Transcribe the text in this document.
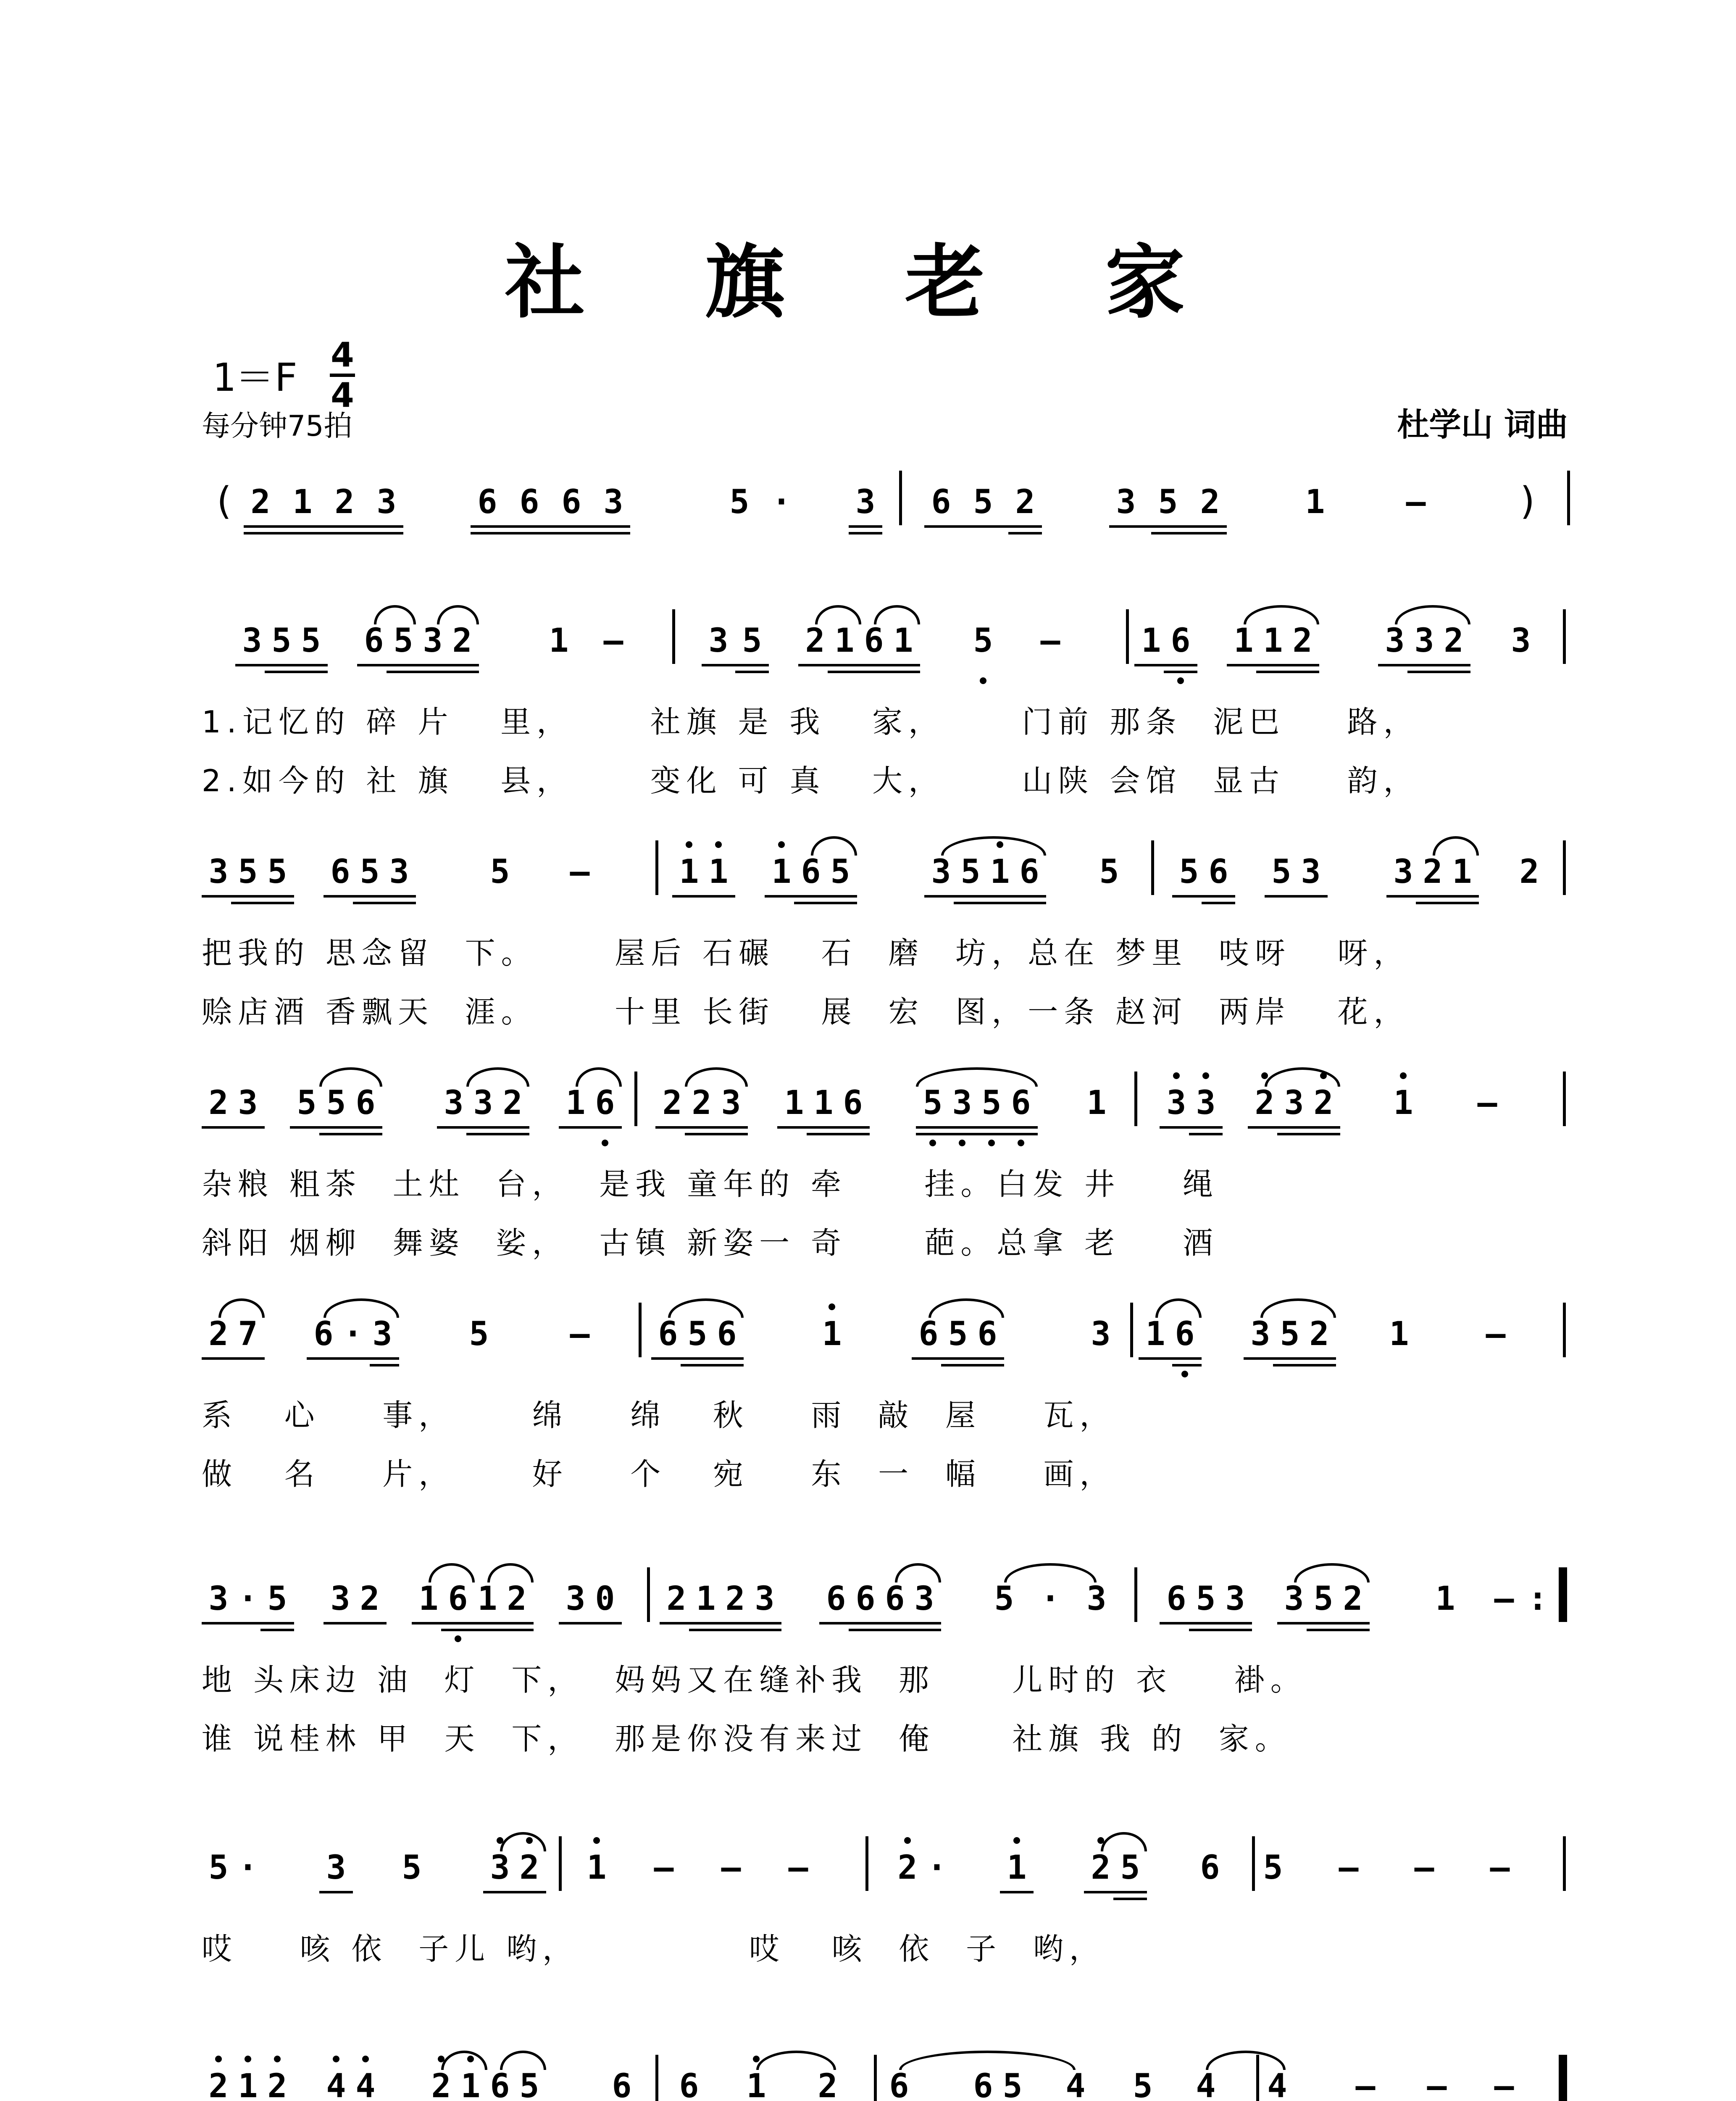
社 旗 老 家
1＝F
4
4
每分钟75拍	杜学山 词曲
2 1 2 3	6 6 6 3	5 ·	3	6 5 2	3 5 2	1	–
(	)
3 5 5	6 5 3 2	1	–	3 5	2 1 6 1	5	–	1 6	1 1 2	3 3 2	3
1.记忆的 碎 片   里，     社旗 是 我   家，     门前 那条  泥巴    路，
2.如今的 社 旗   县，     变化 可 真   大，     山陕 会馆  显古    韵，
3 5 5	6 5 3	5	–	1 1	1 6 5	3 5 1 6	5	5 6	5 3	3 2 1	2
把我的 思念留  下。     屋后 石碾   石  磨  坊，总在 梦里  吱呀   呀，
赊店酒 香飘天  涯。     十里 长街   展  宏  图，一条 赵河  两岸   花，
2 3	5 5 6	3 3 2	1 6	2 2 3	1 1 6	5 3 5 6	1	3 3	2 3 2	1	–
杂粮 粗茶  土灶  台，  是我 童年的 牵     挂。白发 井    绳
斜阳 烟柳  舞婆  娑，  古镇 新姿一 奇     葩。总拿 老    酒
2 7	6 · 3	5	–	6 5 6	1	6 5 6	3	1 6	3 5 2	1	–
系   心    事，     绵    绵   秋    雨  敲  屋    瓦，
做   名    片，     好    个   宛    东  一  幅    画，
3 · 5	3 2	1 6 1 2	3 0	2 1 2 3	6 6 6 3	5 · 3	6 5 3	3 5 2	1	– :
地 头床边 油  灯  下，  妈妈又在缝补我  那     儿时的 衣    褂。
谁 说桂林 甲  天  下，  那是你没有来过  俺     社旗 我 的  家。
5 ·	3	5	3 2	1	–	–	–	2 ·	1	2 5	6	5	–	–	–
哎    咳 依  子儿 哟，           哎   咳  依  子  哟，
2 1 2	4 4	2 1 6 5	6	6	1	2	6	6 5	4	5	4	4	–	–	–
